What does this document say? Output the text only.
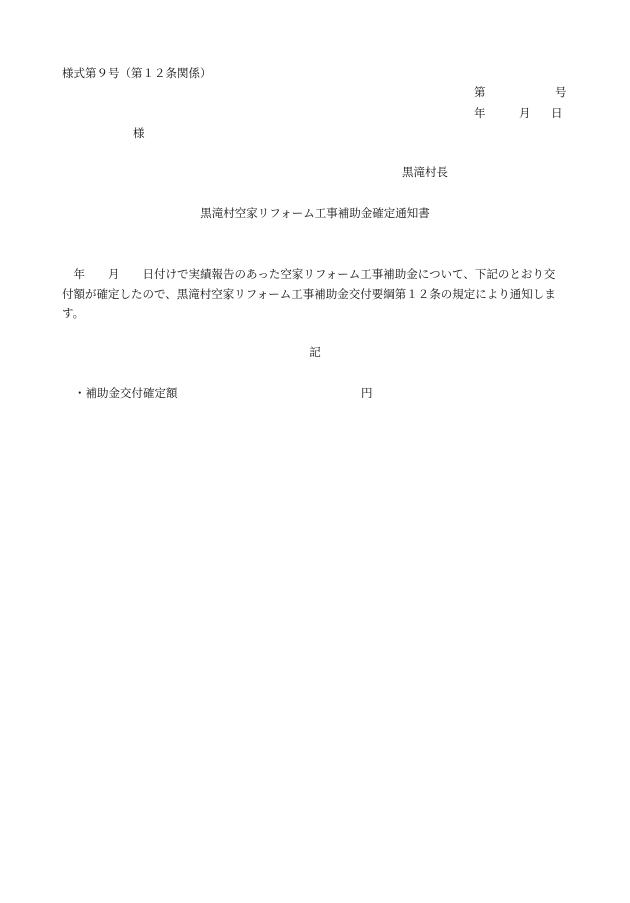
様式第９号（第１２条関係）
第	号
年	月 日
様
黒滝村長
黒滝村空家リフォーム工事補助金確定通知書
　年　　月　　日付けで実績報告のあった空家リフォーム工事補助金について、下記のとおり交
付額が確定したので、黒滝村空家リフォーム工事補助金交付要綱第１２条の規定により通知しま
す。
記
・補助金交付確定額	円
